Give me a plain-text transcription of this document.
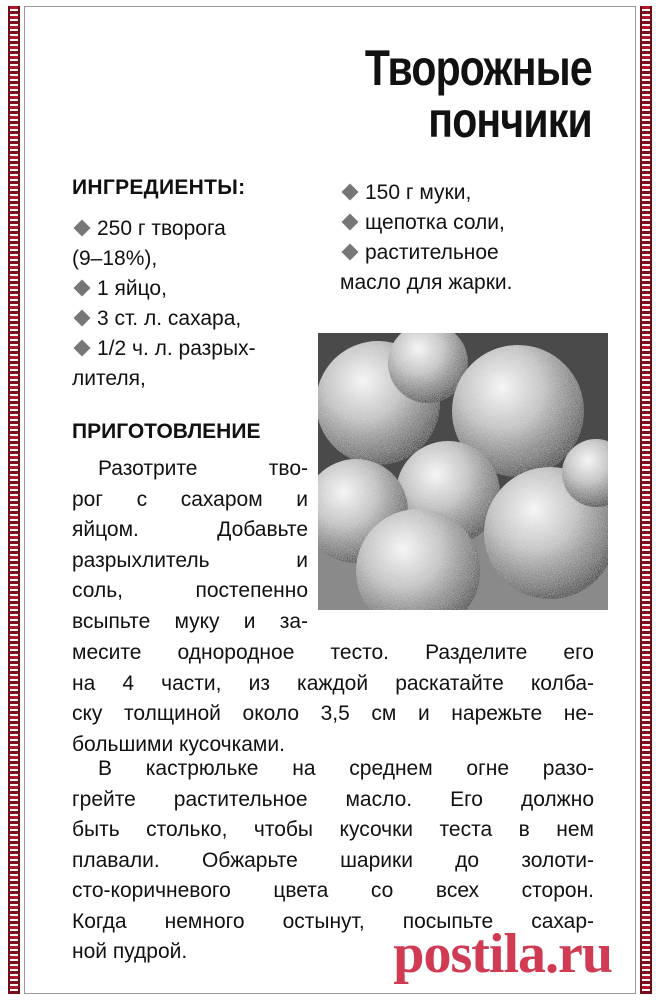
Творожные
пончики
ИНГРЕДИЕНТЫ:
250 г творога
(9–18%),
1 яйцо,
3 ст. л. сахара,
1/2 ч. л. разрых-
лителя,
150 г муки,
щепотка соли,
растительное
масло для жарки.
ПРИГОТОВЛЕНИЕ

Разотрите тво-
рог с сахаром и
яйцом. Добавьте
разрыхлитель и
соль, постепенно
всыпьте муку и за-

месите однородное тесто. Разделите его
на 4 части, из каждой раскатайте колба-
ску толщиной около 3,5 см и нарежьте не-
большими кусочками.

В кастрюльке на среднем огне разо-
грейте растительное масло. Его должно
быть столько, чтобы кусочки теста в нем
плавали. Обжарьте шарики до золоти-
сто-коричневого цвета со всех сторон.
Когда немного остынут, посыпьте сахар-
ной пудрой.	postila.ru
